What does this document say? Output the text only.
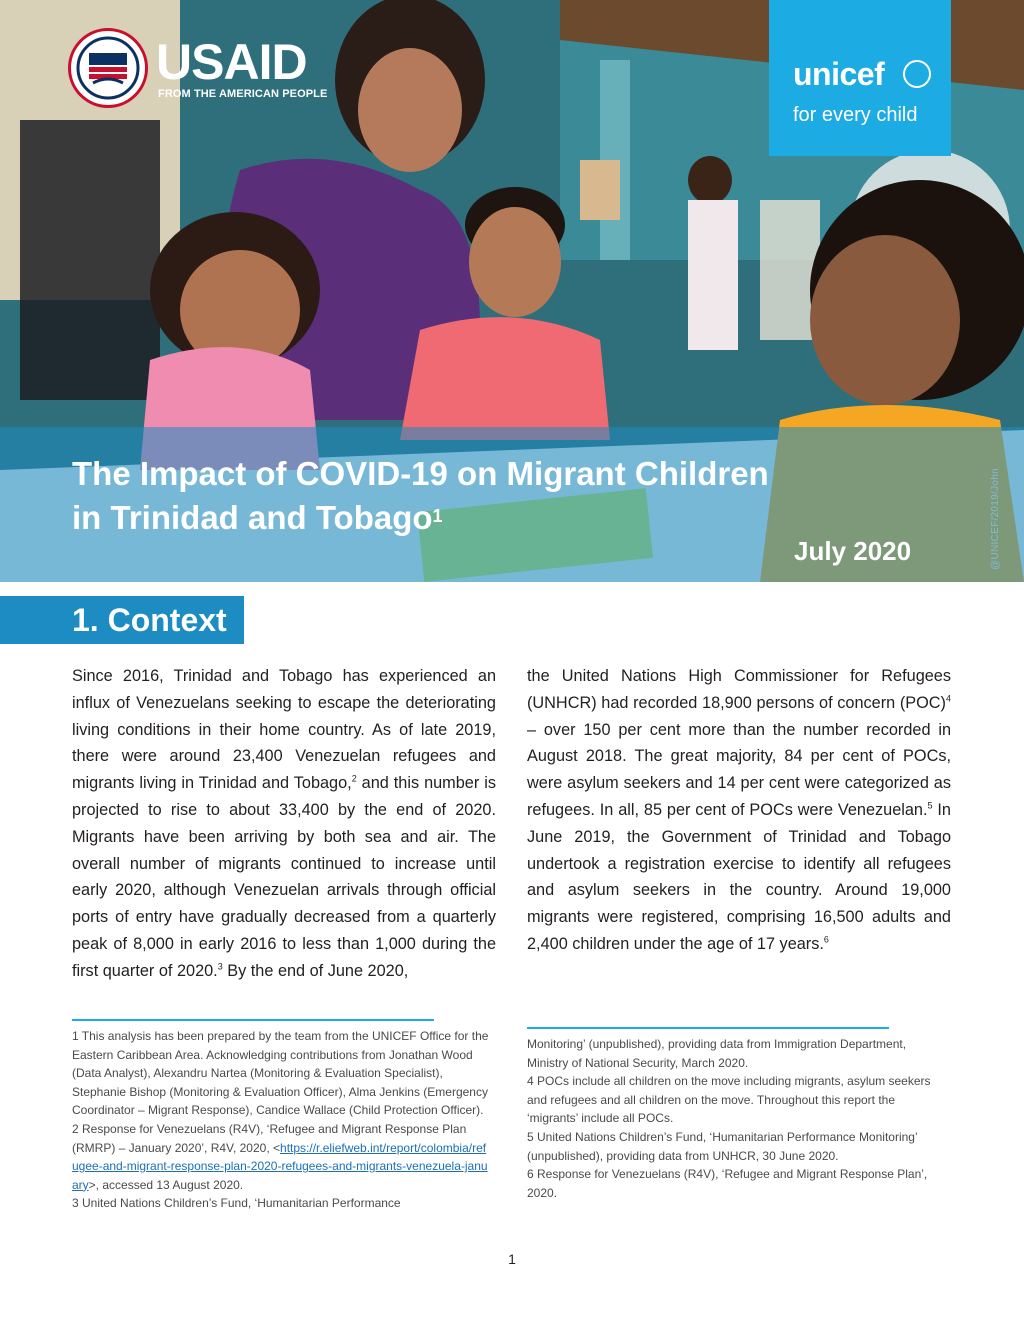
USAID
FROM THE AMERICAN PEOPLE
unicef
for every child
The Impact of COVID-19 on Migrant Children
in Trinidad and Tobago$^1$
July 2020
1. Context
Since 2016, Trinidad and Tobago has experienced an influx of Venezuelans seeking to escape the deteriorating living conditions in their home country. As of late 2019, there were around 23,400 Venezuelan refugees and migrants living in Trinidad and Tobago,$^2$ and this number is projected to rise to about 33,400 by the end of 2020. Migrants have been arriving by both sea and air. The overall number of migrants continued to increase until early 2020, although Venezuelan arrivals through official ports of entry have gradually decreased from a quarterly peak of 8,000 in early 2016 to less than 1,000 during the first quarter of 2020.$^3$ By the end of June 2020,
the United Nations High Commissioner for Refugees (UNHCR) had recorded 18,900 persons of concern (POC)$^4$ – over 150 per cent more than the number recorded in August 2018. The great majority, 84 per cent of POCs, were asylum seekers and 14 per cent were categorized as refugees. In all, 85 per cent of POCs were Venezuelan.$^5$ In June 2019, the Government of Trinidad and Tobago undertook a registration exercise to identify all refugees and asylum seekers in the country. Around 19,000 migrants were registered, comprising 16,500 adults and 2,400 children under the age of 17 years.$^6$

1 This analysis has been prepared by the team from the UNICEF Office for the Eastern Caribbean Area. Acknowledging contributions from Jonathan Wood (Data Analyst), Alexandru Nartea (Monitoring & Evaluation Specialist), Stephanie Bishop (Monitoring & Evaluation Officer), Alma Jenkins (Emergency Coordinator – Migrant Response), Candice Wallace (Child Protection Officer).

2 Response for Venezuelans (R4V), ‘Refugee and Migrant Response Plan (RMRP) – January 2020’, R4V, 2020, <https://r.eliefweb.int/report/colombia/refugee-and-migrant-response-plan-2020-refugees-and-migrants-venezuela-january>, accessed 13 August 2020.

3 United Nations Children’s Fund, ‘Humanitarian Performance

Monitoring’ (unpublished), providing data from Immigration Department, Ministry of National Security, March 2020.

4 POCs include all children on the move including migrants, asylum seekers and refugees and all children on the move. Throughout this report the ‘migrants’ include all POCs.

5 United Nations Children’s Fund, ‘Humanitarian Performance Monitoring’ (unpublished), providing data from UNHCR, 30 June 2020.

6 Response for Venezuelans (R4V), ‘Refugee and Migrant Response Plan’, 2020.

1
